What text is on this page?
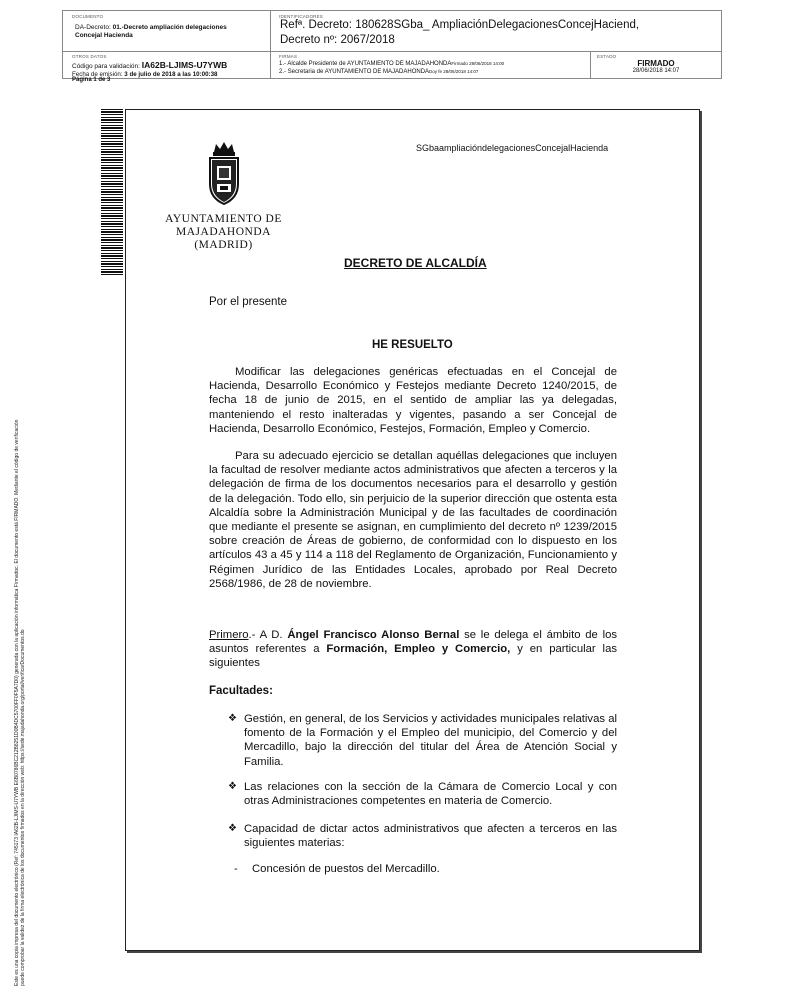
DOCUMENTO
DA-Decreto: 01.-Decreto ampliación delegaciones Concejal Hacienda
IDENTIFICADORES
Refª. Decreto: 180628SGba_ AmpliaciónDelegacionesConcejHaciend,
Decreto nº: 2067/2018
OTROS DATOS
Código para validación: IA62B-LJIMS-U7YWB
Fecha de emisión: 3 de julio de 2018 a las 10:00:38
Página 1 de 3
FIRMAS
1.- Alcalde Presidente de AYUNTAMIENTO DE MAJADAHONDAFirmado 28/06/2018 14:00
2.- Secretaria de AYUNTAMIENTO DE MAJADAHONDADoy fe 28/06/2018 14:07
ESTADO
FIRMADO
28/06/2018 14:07
Este es una copia impresa del documento electrónico (Ref: 745173 IA62B-LJIMS-U7YWB E6B0786BC212B8251D0B4DC5700FF0F5A7D0) generada con la aplicación informática Firmadoc. El documento está FIRMADO. Mediante el código de verificación puede comprobar la validez de la firma electrónica de los documentos firmados en la dirección web: https://sede.majadahonda.org/portal/verificarDocumentos.do
SGbaampliacióndelegacionesConcejalHacienda
AYUNTAMIENTO DE
MAJADAHONDA
(MADRID)
DECRETO DE ALCALDÍA
Por el presente
HE RESUELTO
Modificar las delegaciones genéricas efectuadas en el Concejal de Hacienda, Desarrollo Económico y Festejos mediante Decreto 1240/2015, de fecha 18 de junio de 2015, en el sentido de ampliar las ya delegadas, manteniendo el resto inalteradas y vigentes, pasando a ser Concejal de Hacienda, Desarrollo Económico, Festejos, Formación, Empleo y Comercio.
Para su adecuado ejercicio se detallan aquéllas delegaciones que incluyen la facultad de resolver mediante actos administrativos que afecten a terceros y la delegación de firma de los documentos necesarios para el desarrollo y gestión de la delegación. Todo ello, sin perjuicio de la superior dirección que ostenta esta Alcaldía sobre la Administración Municipal y de las facultades de coordinación que mediante el presente se asignan, en cumplimiento del decreto nº 1239/2015 sobre creación de Áreas de gobierno, de conformidad con lo dispuesto en los artículos 43 a 45 y 114 a 118 del Reglamento de Organización, Funcionamiento y Régimen Jurídico de las Entidades Locales, aprobado por Real Decreto 2568/1986, de 28 de noviembre.
Primero.- A D. Ángel Francisco Alonso Bernal se le delega el ámbito de los asuntos referentes a Formación, Empleo y Comercio, y en particular las siguientes
Facultades:
❖ Gestión, en general, de los Servicios y actividades municipales relativas al fomento de la Formación y el Empleo del municipio, del Comercio y del Mercadillo, bajo la dirección del titular del Área de Atención Social y Familia.
❖ Las relaciones con la sección de la Cámara de Comercio Local y con otras Administraciones competentes en materia de Comercio.
❖ Capacidad de dictar actos administrativos que afecten a terceros en las siguientes materias:
- Concesión de puestos del Mercadillo.
